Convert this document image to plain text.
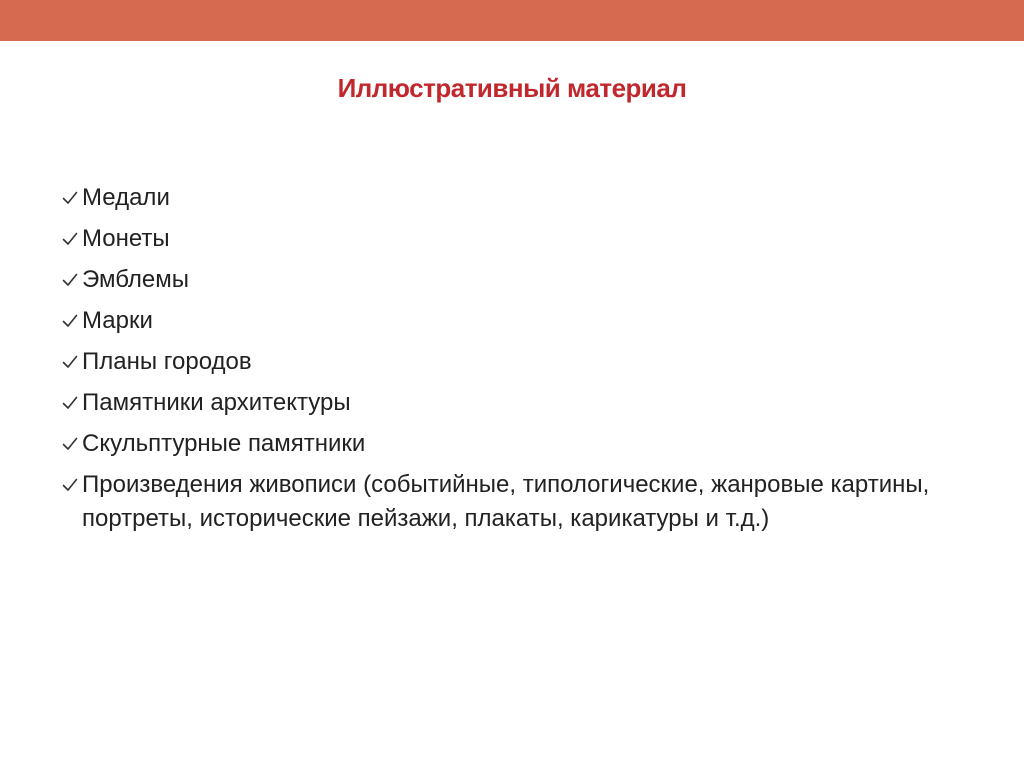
Иллюстративный материал
Медали
Монеты
Эмблемы
Марки
Планы городов
Памятники архитектуры
Скульптурные памятники
Произведения живописи (событийные, типологические, жанровые картины, портреты, исторические пейзажи, плакаты, карикатуры и т.д.)
